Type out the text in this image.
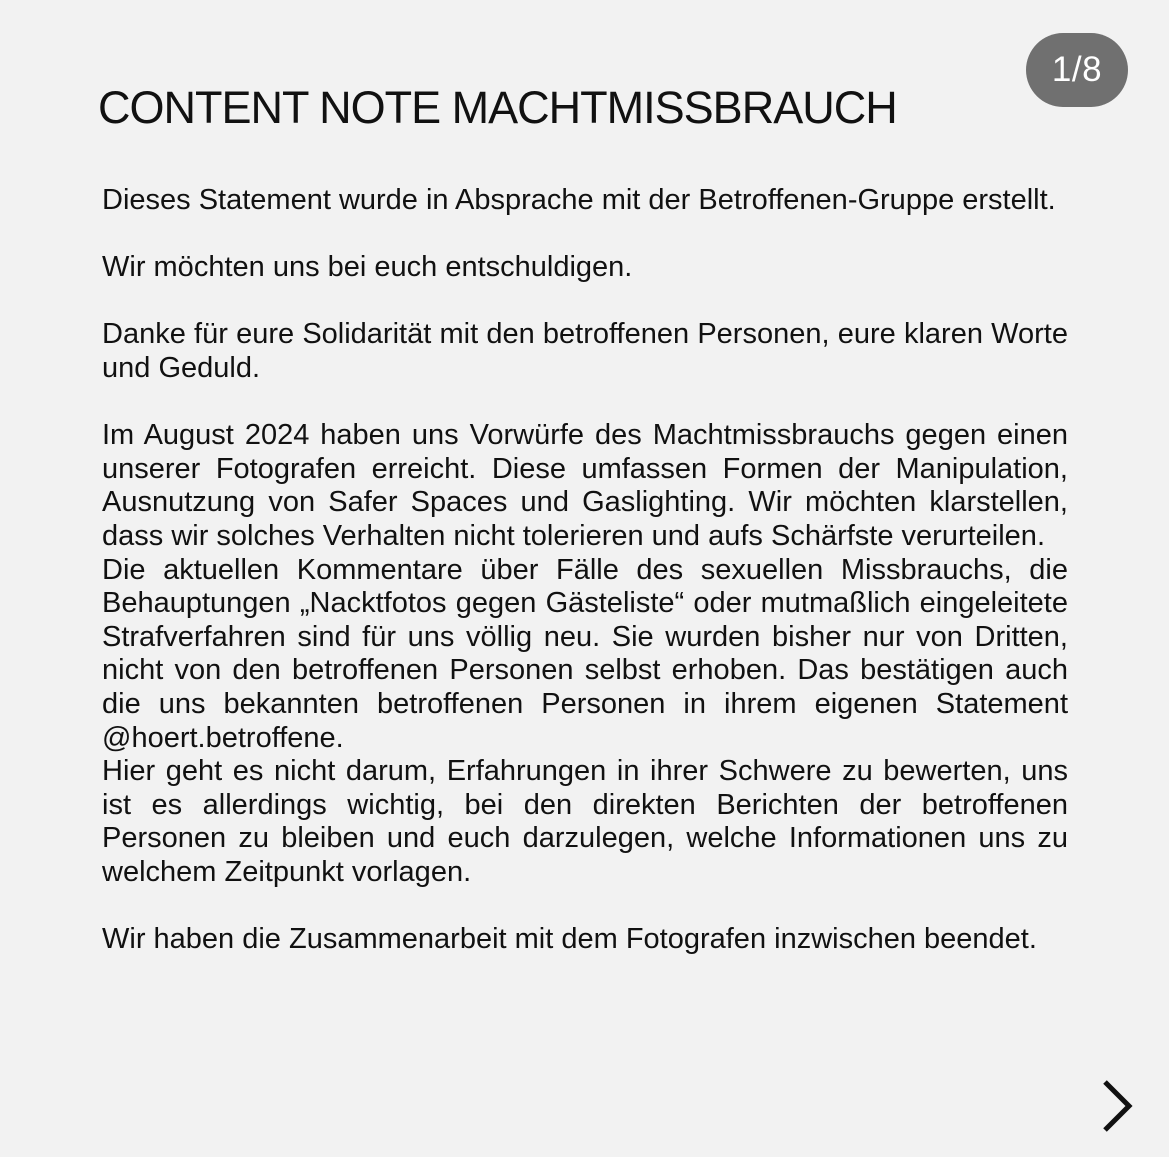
1/8
CONTENT NOTE MACHTMISSBRAUCH

Dieses Statement wurde in Absprache mit der Betroffenen-Gruppe erstellt.

Wir möchten uns bei euch entschuldigen.

Danke für eure Solidarität mit den betroffenen Personen, eure klaren Worte und Geduld.

Im August 2024 haben uns Vorwürfe des Machtmissbrauchs gegen einen unserer Fotografen erreicht. Diese umfassen Formen der Manipulation, Ausnutzung von Safer Spaces und Gaslighting. Wir möchten klarstellen, dass wir solches Verhalten nicht tolerieren und aufs Schärfste verurteilen.

Die aktuellen Kommentare über Fälle des sexuellen Missbrauchs, die Behauptungen „Nacktfotos gegen Gästeliste“ oder mutmaßlich eingeleitete Strafverfahren sind für uns völlig neu. Sie wurden bisher nur von Dritten, nicht von den betroffenen Personen selbst erhoben. Das bestätigen auch die uns bekannten betroffenen Personen in ihrem eigenen Statement @hoert.betroffene.

Hier geht es nicht darum, Erfahrungen in ihrer Schwere zu bewerten, uns ist es allerdings wichtig, bei den direkten Berichten der betroffenen Personen zu bleiben und euch darzulegen, welche Informationen uns zu welchem Zeitpunkt vorlagen.

Wir haben die Zusammenarbeit mit dem Fotografen inzwischen beendet.
